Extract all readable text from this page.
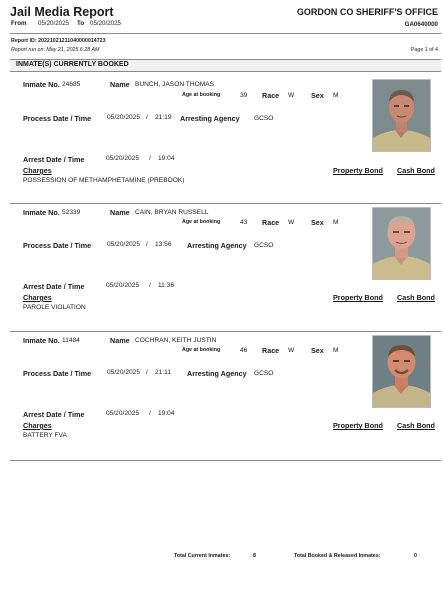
Jail Media Report	GORDON CO SHERIFF'S OFFICE
GA0640000
From 05/20/2025 To 05/20/2025
Report ID: 20221021211040000014723
Report run on: May 21, 2025 6:28 AM	Page 1 of 4
INMATE(S) CURRENTLY BOOKED
Inmate No. 24685	Name BUNCH, JASON THOMAS
Age at booking	39 Race W Sex M
Process Date / Time 05/20/2025 / 21:19 Arresting Agency GCSO
Arrest Date / Time	05/20/2025 / 19:04
Charges	Property Bond Cash Bond
POSSESSION OF METHAMPHETAMINE (PREBOOK)
Inmate No. 52339	Name CAIN, BRYAN RUSSELL
Age at booking	43 Race W Sex M
Process Date / Time 05/20/2025 / 13:56 Arresting Agency GCSO
Arrest Date / Time	05/20/2025 / 11:36
Charges	Property Bond Cash Bond
PAROLE VIOLATION
Inmate No. 11484	Name COCHRAN, KEITH JUSTIN
Age at booking	46 Race W Sex M
Process Date / Time 05/20/2025 / 21:11 Arresting Agency GCSO
Arrest Date / Time	05/20/2025 / 19:04
Charges	Property Bond Cash Bond
BATTERY FVA
Total Current Inmates:	8	Total Booked & Released Inmates:	0
